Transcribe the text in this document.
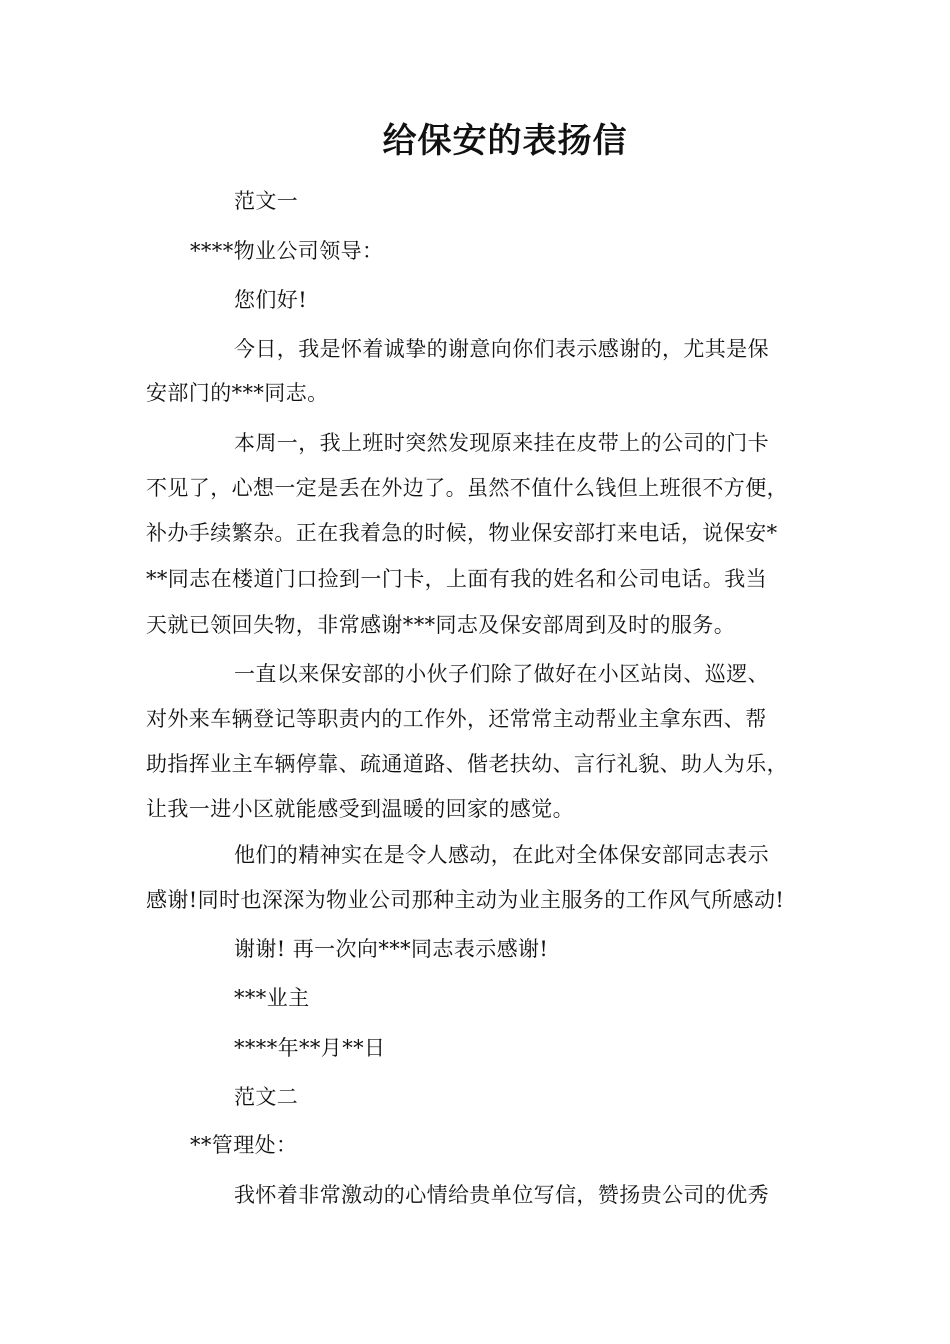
给保安的表扬信
范文一
****物业公司领导：
您们好!
今日，我是怀着诚挚的谢意向你们表示感谢的，尤其是保
安部门的***同志。
本周一，我上班时突然发现原来挂在皮带上的公司的门卡
不见了，心想一定是丢在外边了。虽然不值什么钱但上班很不方便，
补办手续繁杂。正在我着急的时候，物业保安部打来电话，说保安*
**同志在楼道门口捡到一门卡，上面有我的姓名和公司电话。我当
天就已领回失物，非常感谢***同志及保安部周到及时的服务。
一直以来保安部的小伙子们除了做好在小区站岗、巡逻、
对外来车辆登记等职责内的工作外，还常常主动帮业主拿东西、帮
助指挥业主车辆停靠、疏通道路、偕老扶幼、言行礼貌、助人为乐，
让我一进小区就能感受到温暖的回家的感觉。
他们的精神实在是令人感动，在此对全体保安部同志表示
感谢!同时也深深为物业公司那种主动为业主服务的工作风气所感动!
谢谢! 再一次向***同志表示感谢!
***业主
****年**月**日
范文二
**管理处：
我怀着非常激动的心情给贵单位写信，赞扬贵公司的优秀
